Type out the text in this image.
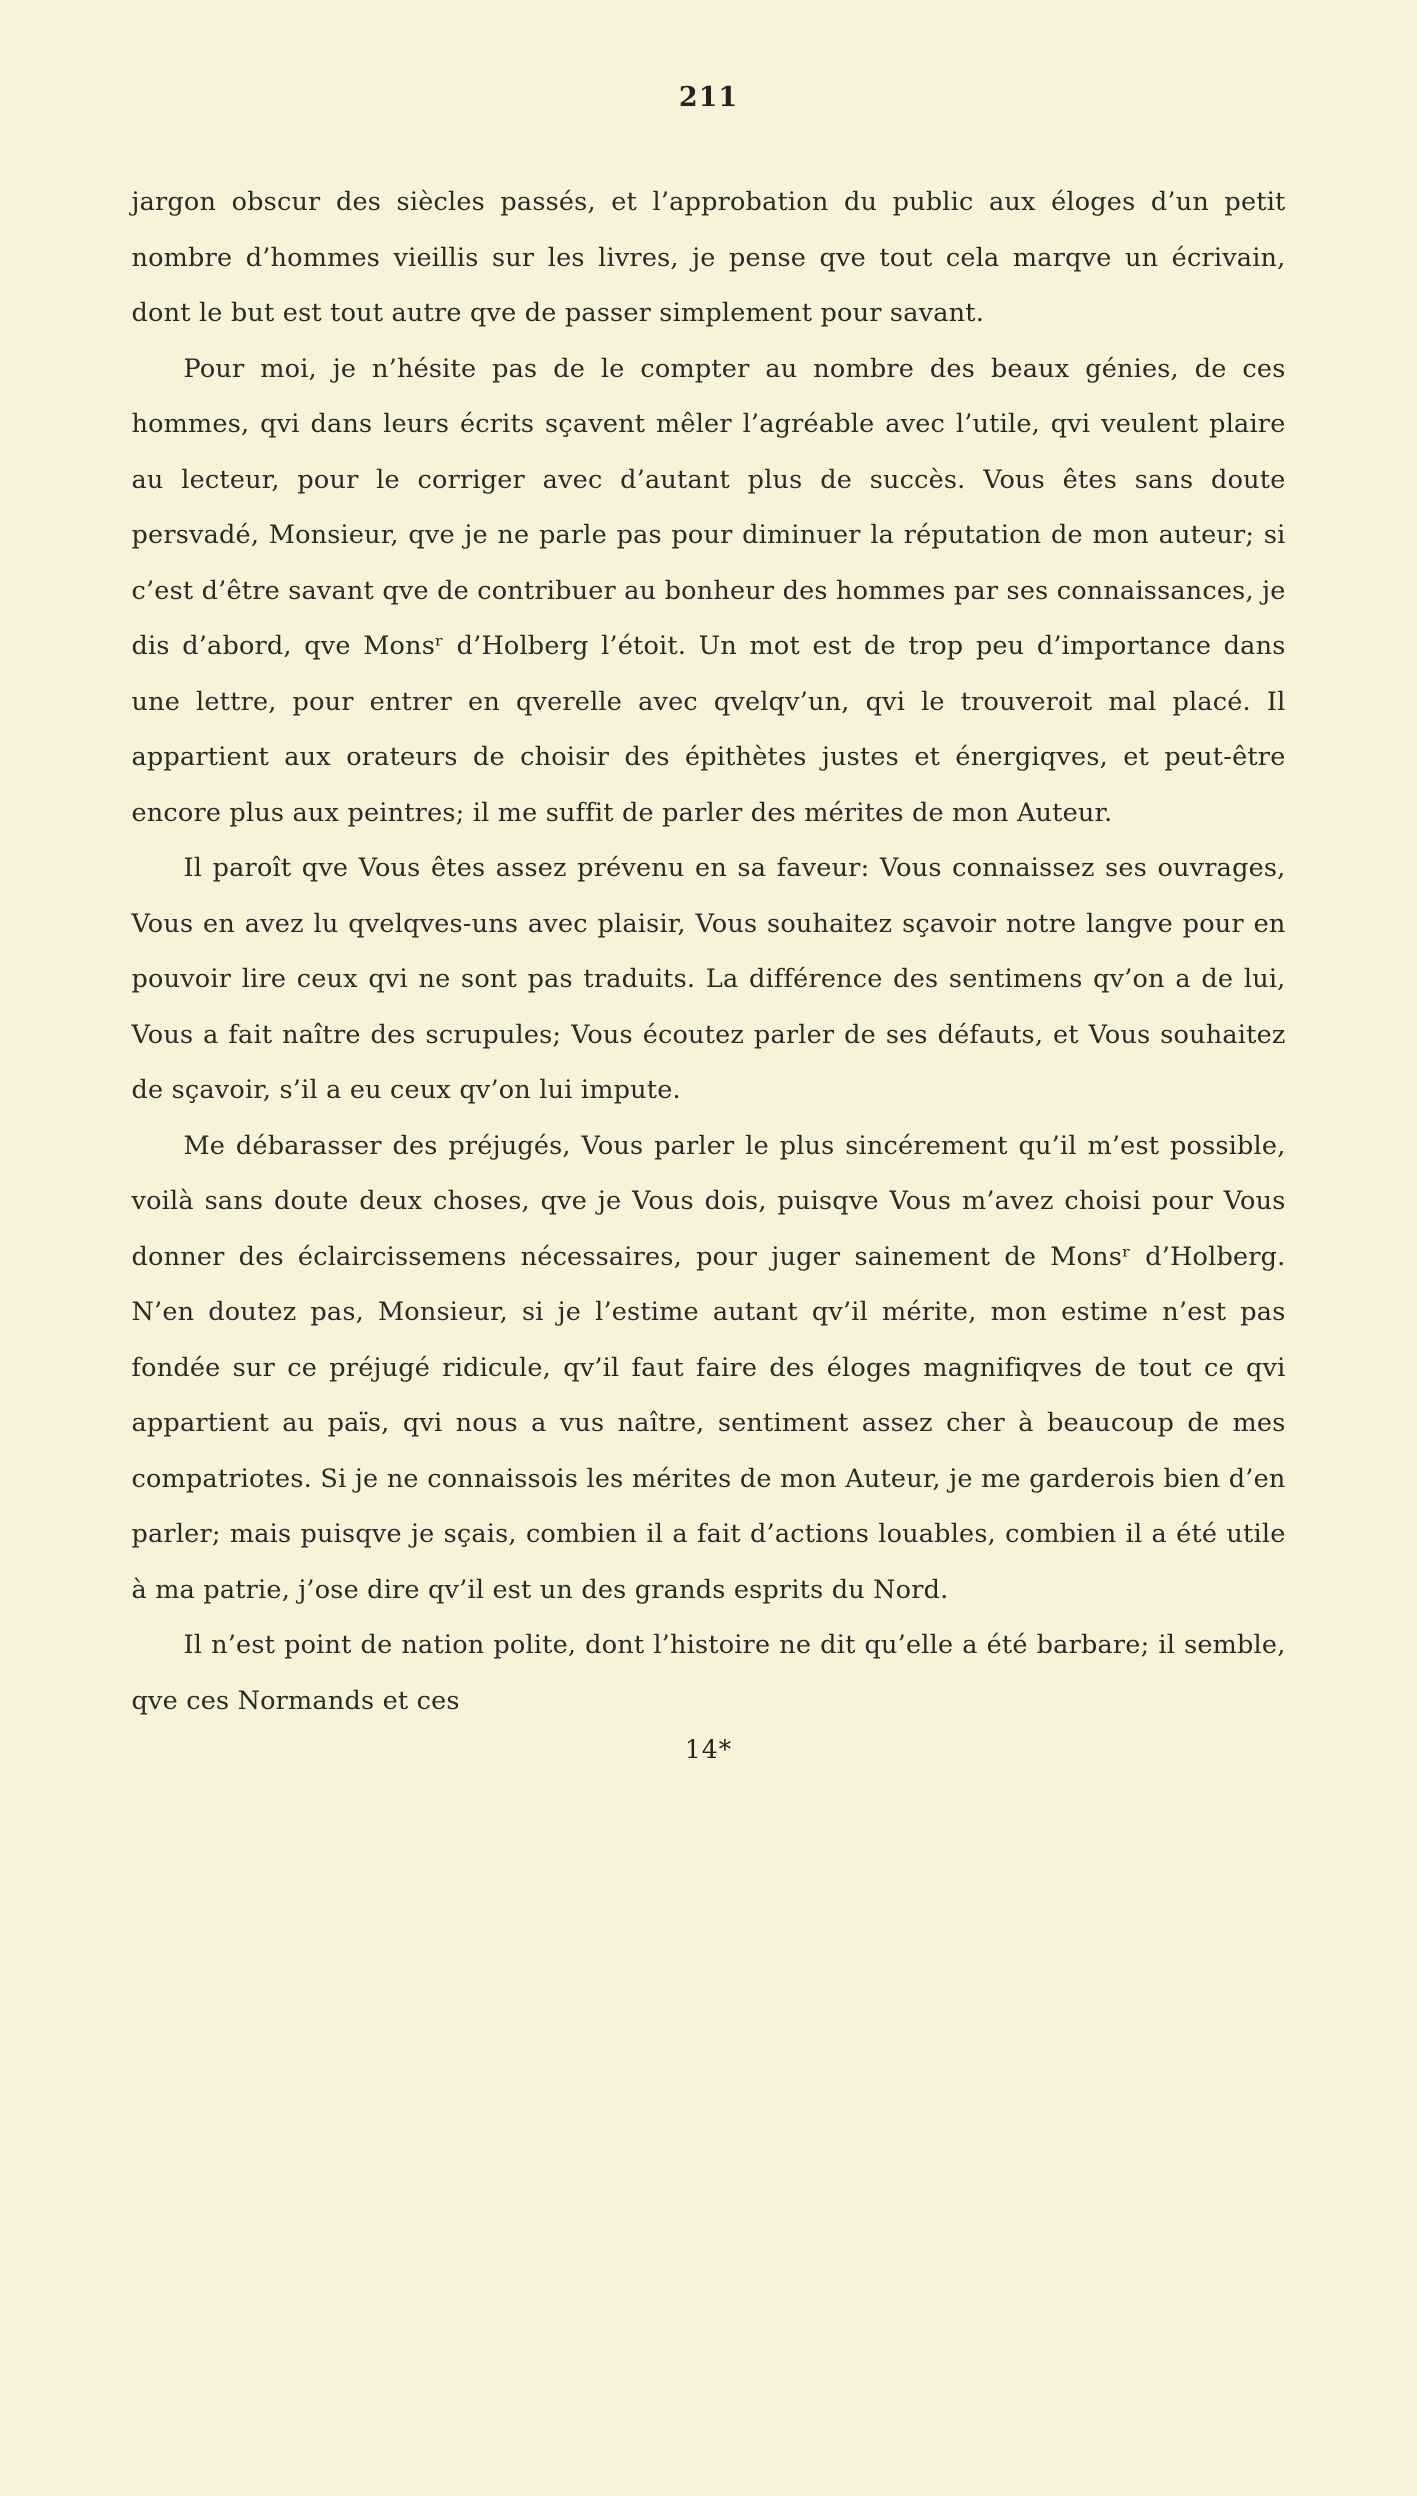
211

jargon obscur des siècles passés, et l’approbation du public aux éloges d’un petit nombre d’hommes vieillis sur les livres, je pense qve tout cela marqve un écrivain, dont le but est tout autre qve de passer simplement pour savant.

Pour moi, je n’hésite pas de le compter au nombre des beaux génies, de ces hommes, qvi dans leurs écrits sçavent mêler l’agréable avec l’utile, qvi veulent plaire au lecteur, pour le corriger avec d’autant plus de succès. Vous êtes sans doute persvadé, Monsieur, qve je ne parle pas pour diminuer la réputation de mon auteur; si c’est d’être savant qve de contribuer au bonheur des hommes par ses connaissances, je dis d’abord, qve Monsʳ d’Holberg l’étoit. Un mot est de trop peu d’importance dans une lettre, pour entrer en qverelle avec qvelqv’un, qvi le trouveroit mal placé. Il appartient aux orateurs de choisir des épithètes justes et énergiqves, et peut-être encore plus aux peintres; il me suffit de parler des mérites de mon Auteur.

Il paroît qve Vous êtes assez prévenu en sa faveur: Vous connaissez ses ouvrages, Vous en avez lu qvelqves-uns avec plaisir, Vous souhaitez sçavoir notre langve pour en pouvoir lire ceux qvi ne sont pas traduits. La différence des sentimens qv’on a de lui, Vous a fait naître des scrupules; Vous écoutez parler de ses défauts, et Vous souhaitez de sçavoir, s’il a eu ceux qv’on lui impute.

Me débarasser des préjugés, Vous parler le plus sincérement qu’il m’est possible, voilà sans doute deux choses, qve je Vous dois, puisqve Vous m’avez choisi pour Vous donner des éclaircissemens nécessaires, pour juger sainement de Monsʳ d’Holberg. N’en doutez pas, Monsieur, si je l’estime autant qv’il mérite, mon estime n’est pas fondée sur ce préjugé ridicule, qv’il faut faire des éloges magnifiqves de tout ce qvi appartient au païs, qvi nous a vus naître, sentiment assez cher à beaucoup de mes compatriotes. Si je ne connaissois les mérites de mon Auteur, je me garderois bien d’en parler; mais puisqve je sçais, combien il a fait d’actions louables, combien il a été utile à ma patrie, j’ose dire qv’il est un des grands esprits du Nord.

Il n’est point de nation polite, dont l’histoire ne dit qu’elle a été barbare; il semble, qve ces Normands et ces

14*
